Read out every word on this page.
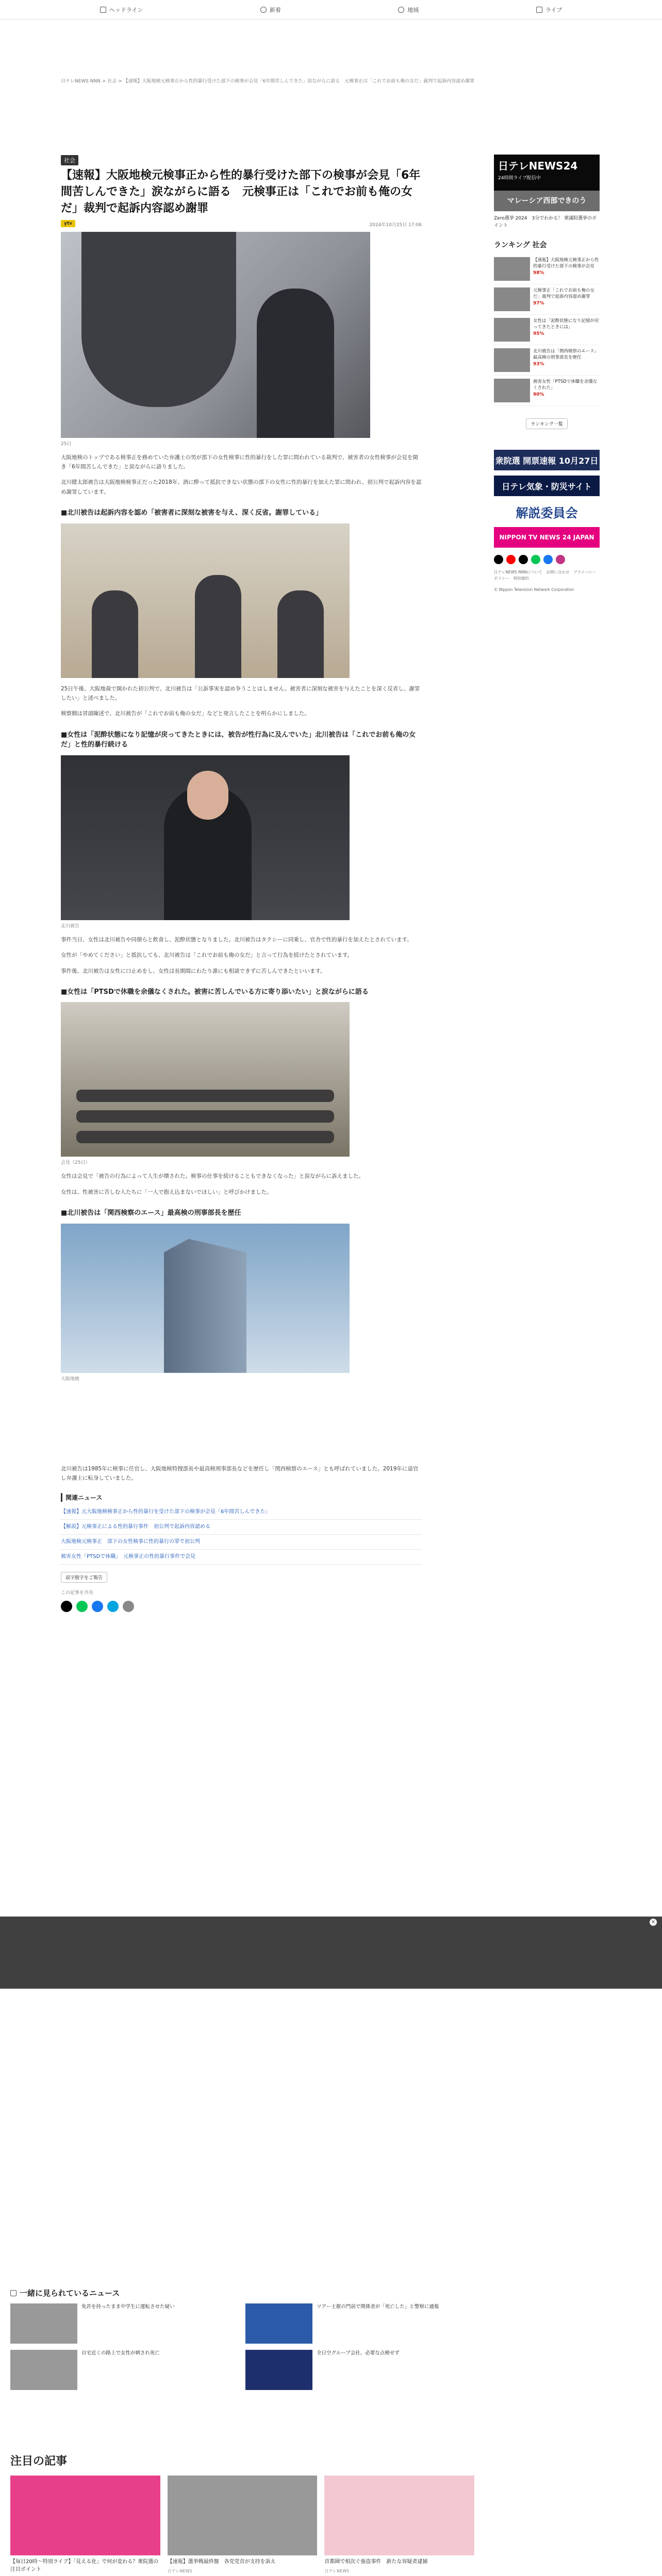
ヘッドライン	新着	地域	ライブ
日テレNEWS NNN > 社会 > 【速報】大阪地検元検事正から性的暴行受けた部下の検事が会見「6年間苦しんできた」涙ながらに語る　元検事正は「これでお前も俺の女だ」裁判で起訴内容認め謝罪
社会
【速報】大阪地検元検事正から性的暴行受けた部下の検事が会見「6年間苦しんできた」涙ながらに語る　元検事正は「これでお前も俺の女だ」裁判で起訴内容認め謝罪
ytv	2024年10月25日 17:06
25日

大阪地検のトップである検事正を務めていた弁護士の男が部下の女性検事に性的暴行をした罪に問われている裁判で、被害者の女性検事が会見を開き「6年間苦しんできた」と涙ながらに語りました。

北川健太郎被告は大阪地検検事正だった2018年、酒に酔って抵抗できない状態の部下の女性に性的暴行を加えた罪に問われ、初公判で起訴内容を認め謝罪しています。

■北川被告は起訴内容を認め「被害者に深刻な被害を与え、深く反省。謝罪している」

25日午後、大阪地裁で開かれた初公判で、北川被告は「公訴事実を認め争うことはしません。被害者に深刻な被害を与えたことを深く反省し、謝罪したい」と述べました。

検察側は冒頭陳述で、北川被告が「これでお前も俺の女だ」などと発言したことを明らかにしました。

■女性は「泥酔状態になり記憶が戻ってきたときには、被告が性行為に及んでいた」北川被告は「これでお前も俺の女だ」と性的暴行続ける
北川被告

事件当日、女性は北川被告や同僚らと飲食し、泥酔状態となりました。北川被告はタクシーに同乗し、官舎で性的暴行を加えたとされています。

女性が「やめてください」と抵抗しても、北川被告は「これでお前も俺の女だ」と言って行為を続けたとされています。

事件後、北川被告は女性に口止めをし、女性は長期間にわたり誰にも相談できずに苦しんできたといいます。

■女性は「PTSDで休職を余儀なくされた。被害に苦しんでいる方に寄り添いたい」と涙ながらに語る
会見（25日）

女性は会見で「被告の行為によって人生が壊された。検事の仕事を続けることもできなくなった」と涙ながらに訴えました。

女性は、性被害に苦しむ人たちに「一人で抱え込まないでほしい」と呼びかけました。

■北川被告は「関西検察のエース」最高検の刑事部長を歴任
大阪地検

北川被告は1985年に検事に任官し、大阪地検特捜部長や最高検刑事部長などを歴任し「関西検察のエース」とも呼ばれていました。2019年に退官し弁護士に転身していました。

関連ニュース
【速報】元大阪地検検事正から性的暴行を受けた部下の検事が会見「6年間苦しんできた」
【解説】元検事正による性的暴行事件　初公判で起訴内容認める
大阪地検元検事正　部下の女性検事に性的暴行の罪で初公判
被害女性「PTSDで休職」　元検事正の性的暴行事件で会見
誤字脱字をご報告
この記事を共有
日テレNEWS24
24時間ライブ配信中
マレーシア西部できのう
Zero選挙 2024　3分でわかる！ 衆議院選挙のポイント
ランキング 社会
【速報】大阪地検元検事正から性的暴行受けた部下の検事が会見
98%
元検事正「これでお前も俺の女だ」裁判で起訴内容認め謝罪
97%
女性は「泥酔状態になり記憶が戻ってきたときには」
95%
北川被告は「関西検察のエース」最高検の刑事部長を歴任
93%
被害女性「PTSDで休職を余儀なくされた」
90%
ランキング一覧
衆院選 開票速報 10月27日
日テレ気象・防災サイト
解説委員会
NIPPON TV NEWS 24 JAPAN
日テレNEWS NNNについて　お問い合わせ　プライバシーポリシー　利用規約
© Nippon Television Network Corporation
×
一緒に見られているニュース
免許を持ったまま中学生に運転させた疑い	ツアー主催の門前で関係者が「死亡した」と警察に通報
自宅近くの路上で女性が刺され死亡	全日空グループ会社、必要な点検せず
注目の記事
【毎日20時〜特別ライブ】「見える化」で何が変わる？衆院選の注目ポイント
【速報】選挙戦最終盤　各党党首が支持を訴え
日テレNEWS
首都圏で相次ぐ強盗事件　新たな容疑者逮捕
日テレNEWS
